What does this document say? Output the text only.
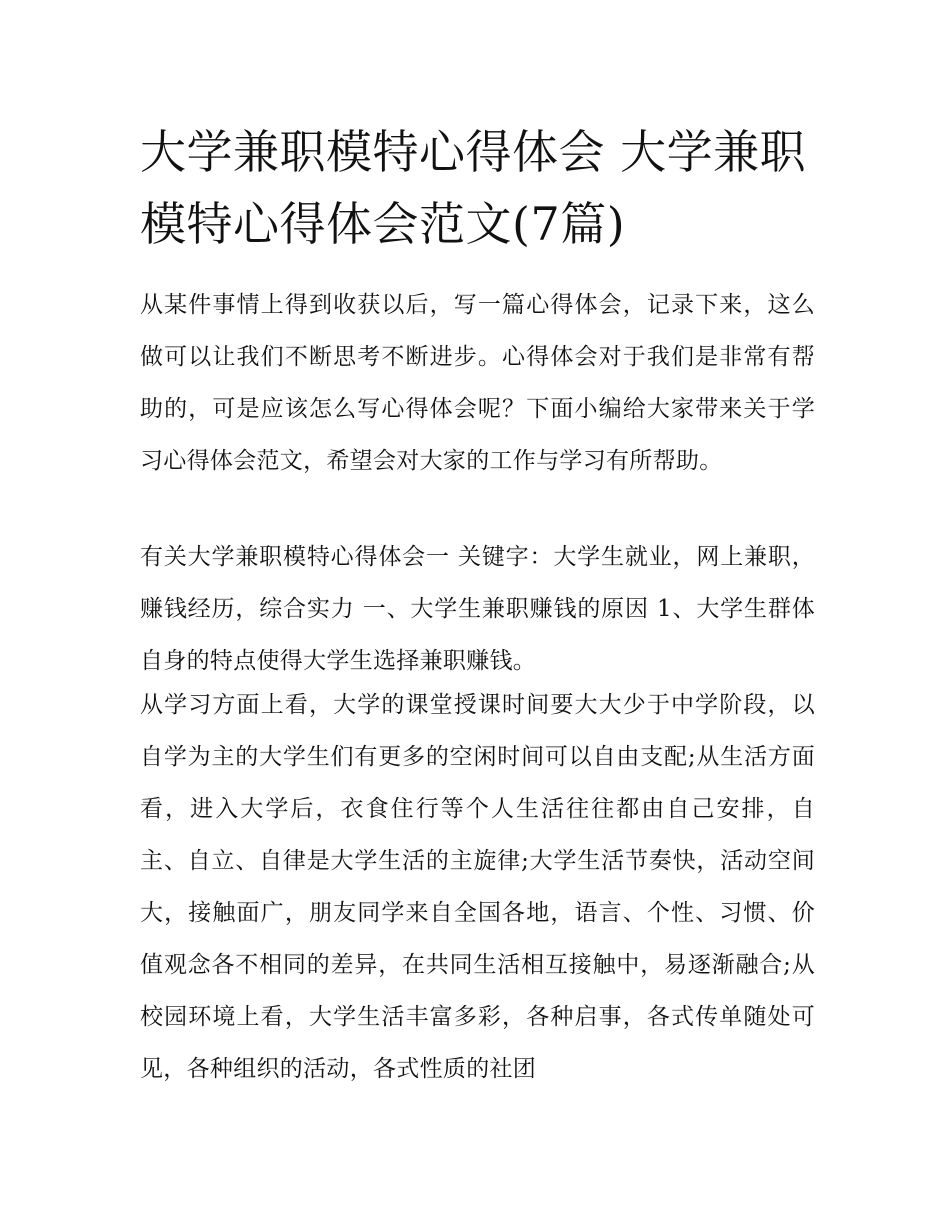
大学兼职模特心得体会 大学兼职模特心得体会范文(7篇)

从某件事情上得到收获以后，写一篇心得体会，记录下来，这么做可以让我们不断思考不断进步。心得体会对于我们是非常有帮助的，可是应该怎么写心得体会呢？下面小编给大家带来关于学习心得体会范文，希望会对大家的工作与学习有所帮助。

有关大学兼职模特心得体会一 关键字：大学生就业，网上兼职，赚钱经历，综合实力 一、大学生兼职赚钱的原因 1、大学生群体自身的特点使得大学生选择兼职赚钱。

从学习方面上看，大学的课堂授课时间要大大少于中学阶段，以自学为主的大学生们有更多的空闲时间可以自由支配;从生活方面看，进入大学后，衣食住行等个人生活往往都由自己安排，自主、自立、自律是大学生活的主旋律;大学生活节奏快，活动空间大，接触面广，朋友同学来自全国各地，语言、个性、习惯、价值观念各不相同的差异，在共同生活相互接触中，易逐渐融合;从校园环境上看，大学生活丰富多彩，各种启事，各式传单随处可见，各种组织的活动，各式性质的社团
